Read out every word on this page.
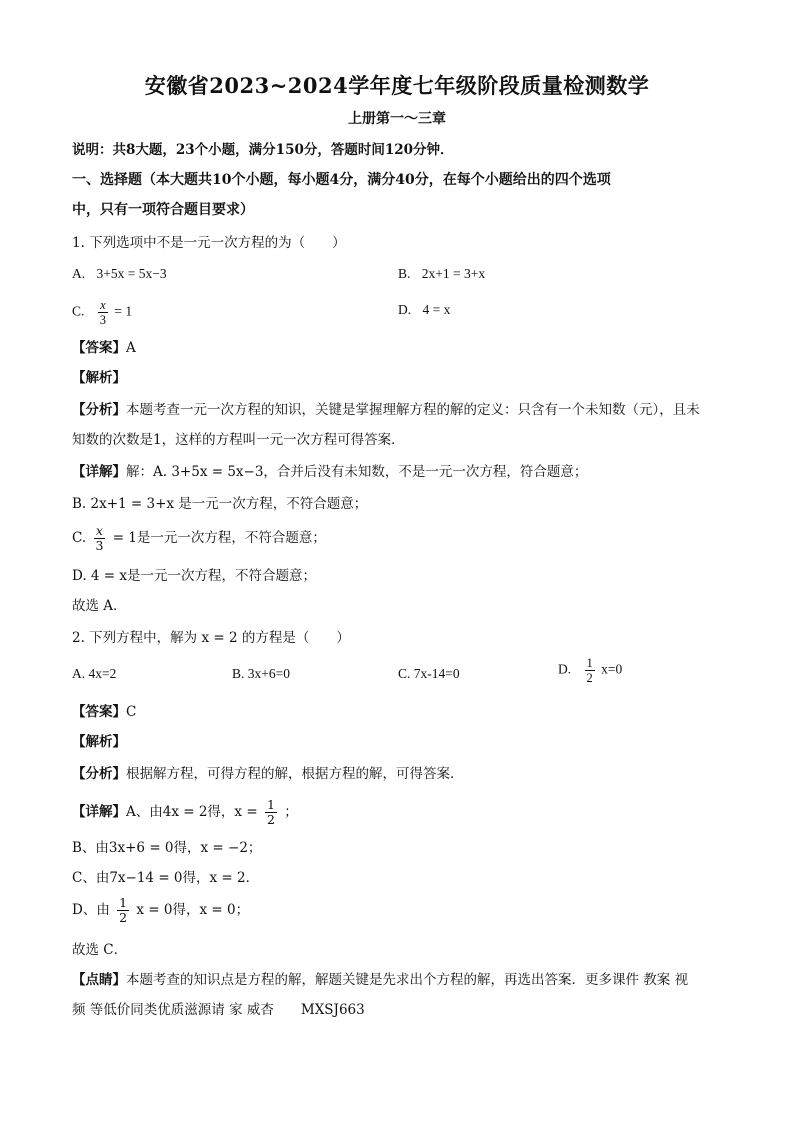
安徽省2023~2024学年度七年级阶段质量检测数学
上册第一～三章
说明：共8大题，23个小题，满分150分，答题时间120分钟．
一、选择题（本大题共10个小题，每小题4分，满分40分，在每个小题给出的四个选项
中，只有一项符合题目要求）
1. 下列选项中不是一元一次方程的为（　　）
A. 3+5x = 5x−3	B. 2x+1 = 3+x
C. $\frac{x}{3} = 1$	D. 4 = x
【答案】A
【解析】
【分析】本题考查一元一次方程的知识，关键是掌握理解方程的解的定义：只含有一个未知数（元），且未
知数的次数是1，这样的方程叫一元一次方程可得答案．
【详解】解：A. 3+5x = 5x−3，合并后没有未知数，不是一元一次方程，符合题意；
B. 2x+1 = 3+x 是一元一次方程，不符合题意；
C. $\frac{x}{3} = 1$是一元一次方程，不符合题意；
D. 4 = x是一元一次方程，不符合题意；
故选 A．
2. 下列方程中，解为 x = 2 的方程是（　　）
A. 4x=2	B. 3x+6=0	C. 7x-14=0	D. $\frac{1}{2} x=0$
【答案】C
【解析】
【分析】根据解方程，可得方程的解，根据方程的解，可得答案．
【详解】A、由4x = 2得，$x = \frac{1}{2}$ ；
B、由3x+6 = 0得，x = −2；
C、由7x−14 = 0得，x = 2．
D、由 $\frac{1}{2}$ x = 0得，x = 0；
故选 C．
【点睛】本题考查的知识点是方程的解，解题关键是先求出个方程的解，再选出答案．更多课件 教案 视
频 等低价同类优质滋源请 家 威杏　　MXSJ663
